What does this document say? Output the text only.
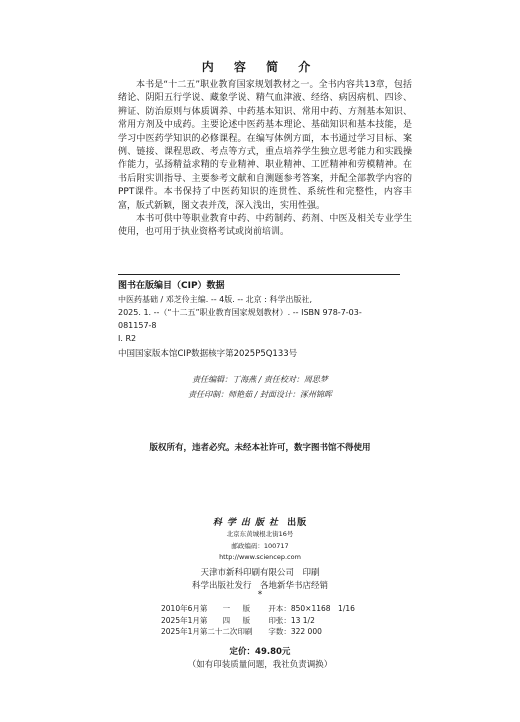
内 容 简 介

本书是“十二五”职业教育国家规划教材之一。全书内容共13章，包括绪论、阴阳五行学说、藏象学说、精气血津液、经络、病因病机、四诊、辨证、防治原则与体质调养、中药基本知识、常用中药、方剂基本知识、常用方剂及中成药。主要论述中医药基本理论、基础知识和基本技能，是学习中医药学知识的必修课程。在编写体例方面，本书通过学习目标、案例、链接、课程思政、考点等方式，重点培养学生独立思考能力和实践操作能力，弘扬精益求精的专业精神、职业精神、工匠精神和劳模精神。在书后附实训指导、主要参考文献和自测题参考答案，并配全部教学内容的PPT课件。本书保持了中医药知识的连贯性、系统性和完整性，内容丰富，版式新颖，图文表并茂，深入浅出，实用性强。

本书可供中等职业教育中药、中药制药、药剂、中医及相关专业学生使用，也可用于执业资格考试或岗前培训。

图书在版编目（CIP）数据
中医药基础 / 邓芝伶主编. -- 4版. -- 北京 : 科学出版社,
2025. 1. --（“十二五”职业教育国家规划教材）. -- ISBN 978-7-03-
081157-8
Ⅰ. R2
中国国家版本馆CIP数据核字第2025P5Q133号
责任编辑：丁海燕 / 责任校对：周思梦
责任印制：师艳茹 / 封面设计：涿州锦晖
版权所有，违者必究。未经本社许可，数字图书馆不得使用
科学出版社 出版
北京东黄城根北街16号
邮政编码：100717
http://www.sciencep.com
天津市新科印刷有限公司　印刷
科学出版社发行　各地新华书店经销
*
2010年6月第	一	版	开本：850×1168　1/16
2025年1月第	四	版	印张：13 1/2
2025年1月第二十二次印刷			字数：322 000
定价：49.80元
（如有印装质量问题，我社负责调换）
